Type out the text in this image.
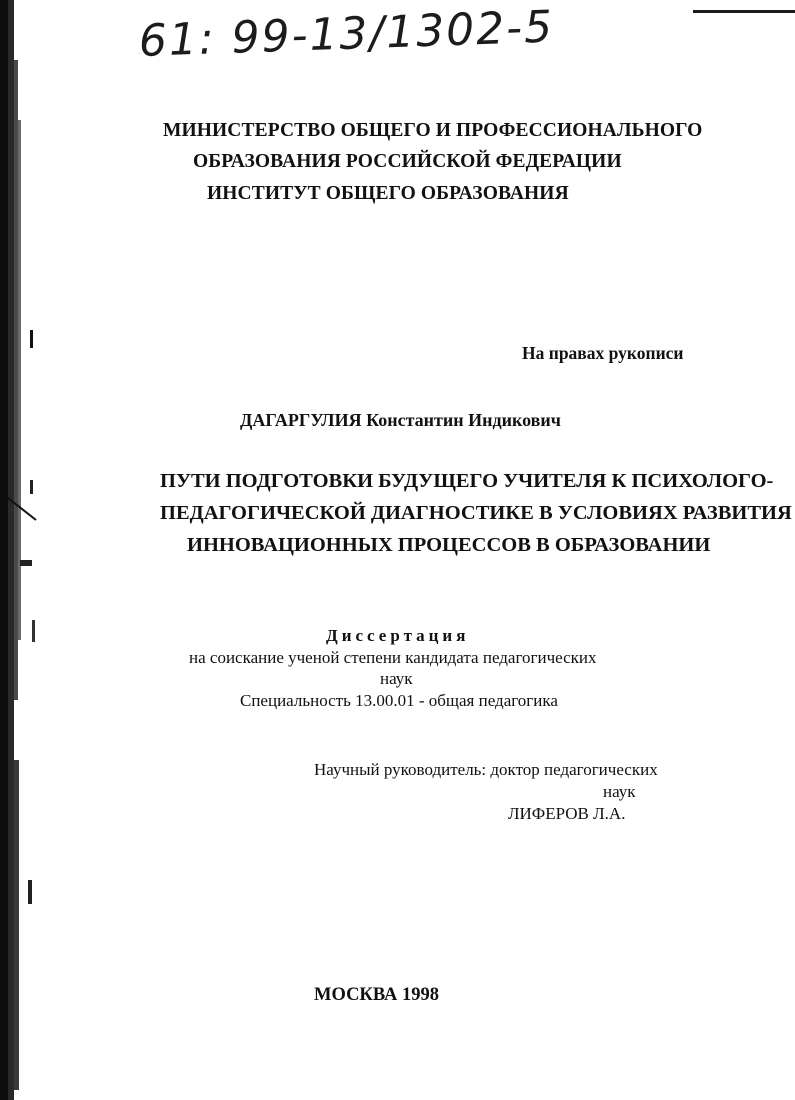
61: 99-13/1302-5
МИНИСТЕРСТВО ОБЩЕГО И ПРОФЕССИОНАЛЬНОГО
ОБРАЗОВАНИЯ РОССИЙСКОЙ ФЕДЕРАЦИИ
ИНСТИТУТ ОБЩЕГО ОБРАЗОВАНИЯ
На правах рукописи
ДАГАРГУЛИЯ Константин Индикович
ПУТИ ПОДГОТОВКИ БУДУЩЕГО УЧИТЕЛЯ К ПСИХОЛОГО-
ПЕДАГОГИЧЕСКОЙ ДИАГНОСТИКЕ В УСЛОВИЯХ РАЗВИТИЯ
ИННОВАЦИОННЫХ ПРОЦЕССОВ В ОБРАЗОВАНИИ
Диссертация
на соискание ученой степени кандидата педагогических
наук
Специальность 13.00.01 - общая педагогика
Научный руководитель: доктор педагогических
наук
ЛИФЕРОВ Л.А.
МОСКВА 1998
